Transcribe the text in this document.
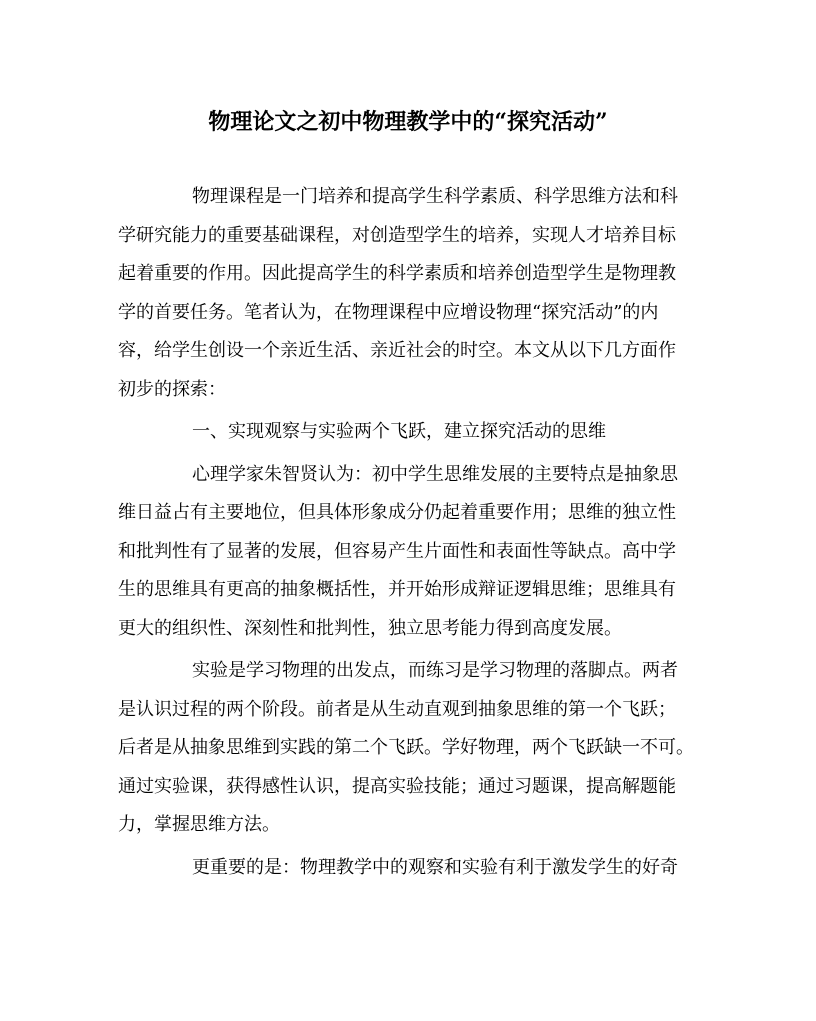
物理论文之初中物理教学中的“探究活动”
物理课程是一门培养和提高学生科学素质、科学思维方法和科
学研究能力的重要基础课程，对创造型学生的培养，实现人才培养目标
起着重要的作用。因此提高学生的科学素质和培养创造型学生是物理教
学的首要任务。笔者认为，在物理课程中应增设物理“探究活动”的内
容，给学生创设一个亲近生活、亲近社会的时空。本文从以下几方面作
初步的探索：
一、实现观察与实验两个飞跃，建立探究活动的思维
心理学家朱智贤认为：初中学生思维发展的主要特点是抽象思
维日益占有主要地位，但具体形象成分仍起着重要作用；思维的独立性
和批判性有了显著的发展，但容易产生片面性和表面性等缺点。高中学
生的思维具有更高的抽象概括性，并开始形成辩证逻辑思维；思维具有
更大的组织性、深刻性和批判性，独立思考能力得到高度发展。
实验是学习物理的出发点，而练习是学习物理的落脚点。两者
是认识过程的两个阶段。前者是从生动直观到抽象思维的第一个飞跃；
后者是从抽象思维到实践的第二个飞跃。学好物理，两个飞跃缺一不可。
通过实验课，获得感性认识，提高实验技能；通过习题课，提高解题能
力，掌握思维方法。
更重要的是：物理教学中的观察和实验有利于激发学生的好奇
